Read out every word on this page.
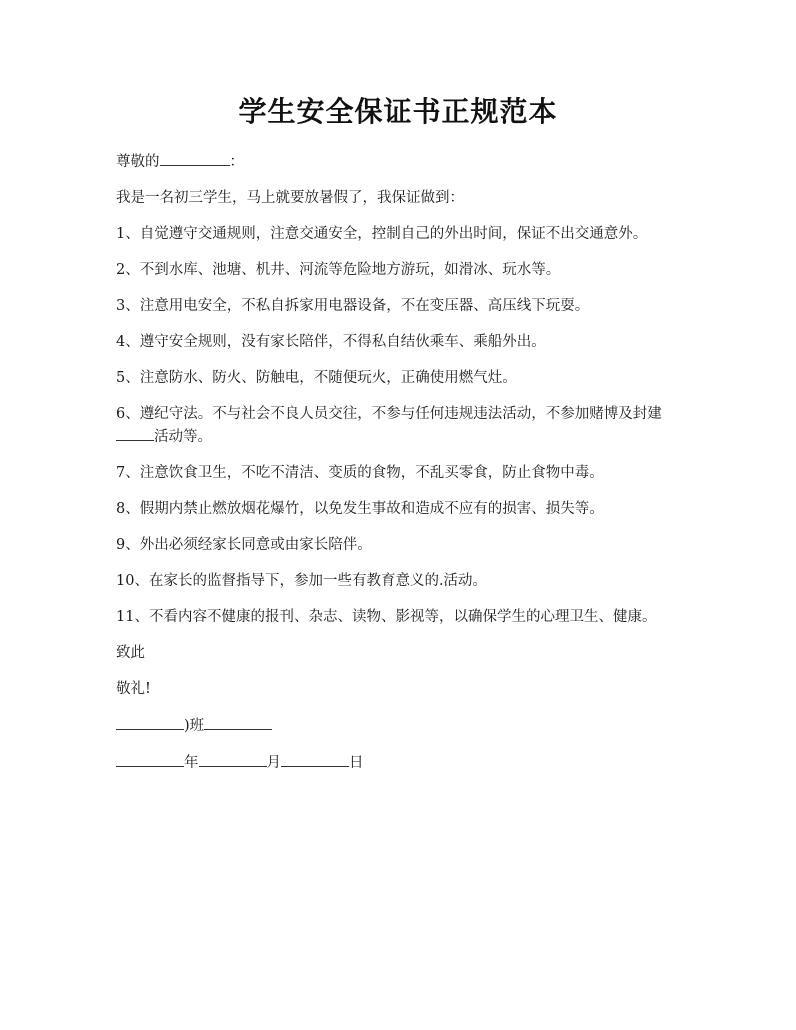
学生安全保证书正规范本

尊敬的	：

我是一名初三学生，马上就要放暑假了，我保证做到：

1、自觉遵守交通规则，注意交通安全，控制自己的外出时间，保证不出交通意外。

2、不到水库、池塘、机井、河流等危险地方游玩，如滑冰、玩水等。

3、注意用电安全，不私自拆家用电器设备，不在变压器、高压线下玩耍。

4、遵守安全规则，没有家长陪伴，不得私自结伙乘车、乘船外出。

5、注意防水、防火、防触电，不随便玩火，正确使用燃气灶。

6、遵纪守法。不与社会不良人员交往，不参与任何违规违法活动，不参加赌博及封建活动等。

7、注意饮食卫生，不吃不清洁、变质的食物，不乱买零食，防止食物中毒。

8、假期内禁止燃放烟花爆竹，以免发生事故和造成不应有的损害、损失等。

9、外出必须经家长同意或由家长陪伴。

10、在家长的监督指导下，参加一些有教育意义的.活动。

11、不看内容不健康的报刊、杂志、读物、影视等，以确保学生的心理卫生、健康。

致此

敬礼!

)班

年	月	日
